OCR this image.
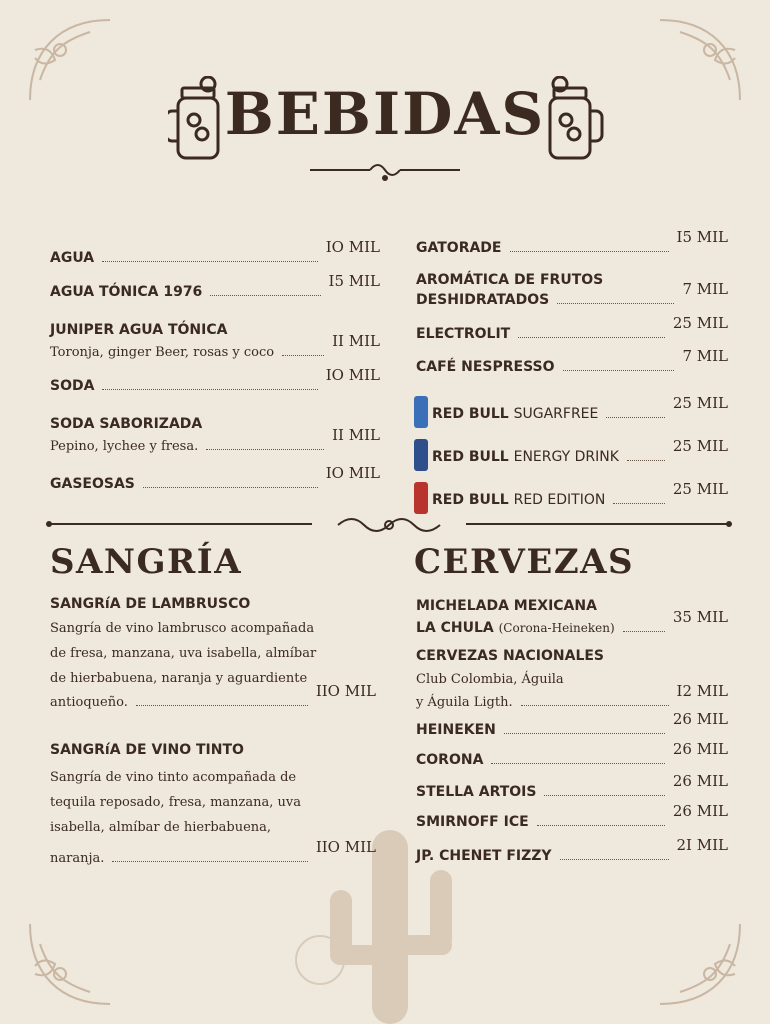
BEBIDAS
AGUA
IO MIL
AGUA TÓNICA 1976
I5 MIL
JUNIPER AGUA TÓNICA
Toronja, ginger Beer, rosas y coco
II MIL
SODA
IO MIL
SODA SABORIZADA
Pepino, lychee y fresa.
II MIL
GASEOSAS
IO MIL
GATORADE
I5 MIL
AROMÁTICA DE FRUTOS
DESHIDRATADOS
7 MIL
ELECTROLIT
25 MIL
CAFÉ NESPRESSO
7 MIL
RED BULL SUGARFREE
25 MIL
RED BULL ENERGY DRINK
25 MIL
RED BULL RED EDITION
25 MIL
SANGRÍA
SANGRíA DE LAMBRUSCO
Sangría de vino lambrusco acompañada
de fresa, manzana, uva isabella, almíbar
de hierbabuena, naranja y aguardiente
antioqueño.
IIO MIL
SANGRíA DE VINO TINTO
Sangría de vino tinto acompañada de
tequila reposado, fresa, manzana, uva
isabella, almíbar de hierbabuena,
naranja.
IIO MIL
CERVEZAS
MICHELADA MEXICANA
LA CHULA (Corona-Heineken)
35 MIL
CERVEZAS NACIONALES
Club Colombia, Águila
y Águila Ligth.
I2 MIL
HEINEKEN
26 MIL
CORONA
26 MIL
STELLA ARTOIS
26 MIL
SMIRNOFF ICE
26 MIL
JP. CHENET FIZZY
2I MIL
